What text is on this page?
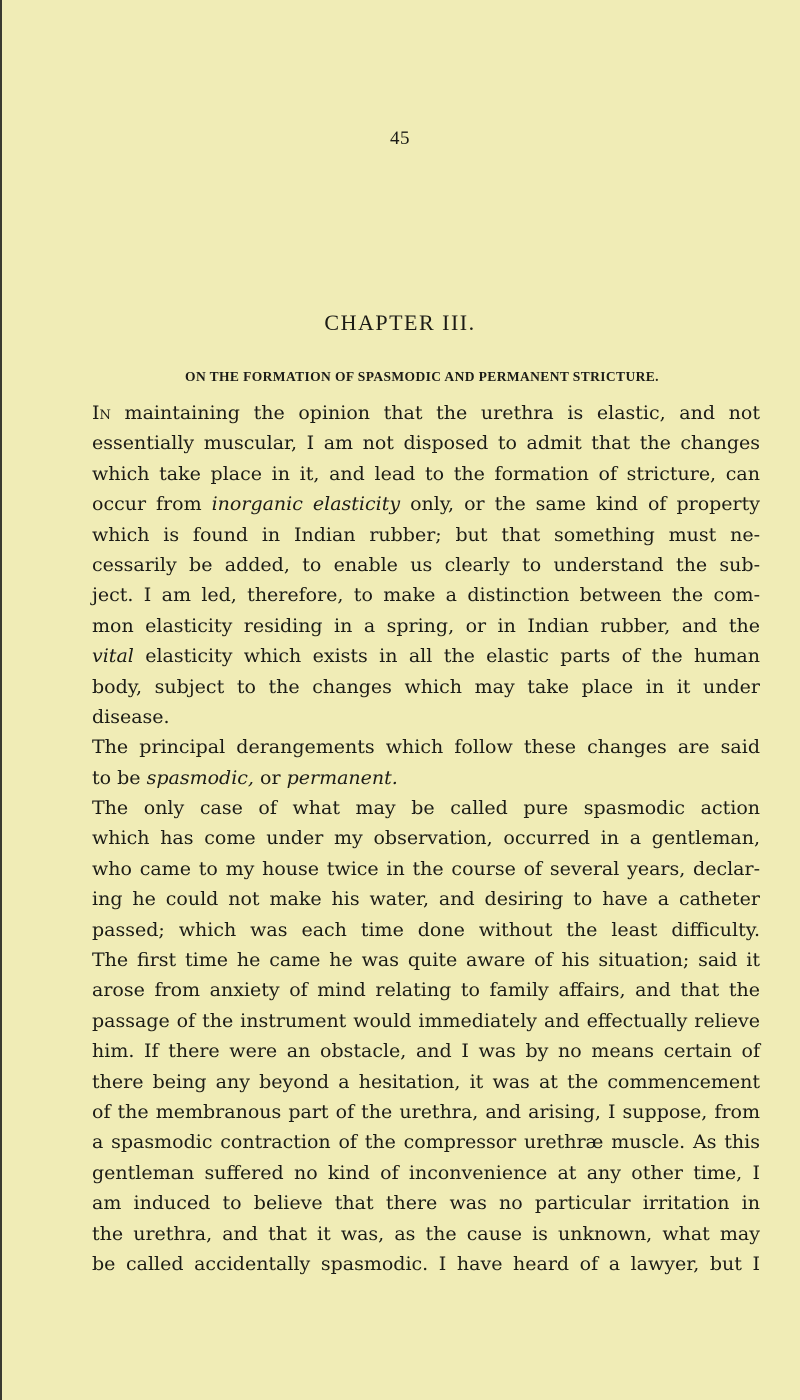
45
CHAPTER III.
ON THE FORMATION OF SPASMODIC AND PERMANENT STRICTURE.
In maintaining the opinion that the urethra is elastic, and not
essentially muscular, I am not disposed to admit that the changes
which take place in it, and lead to the formation of stricture, can
occur from inorganic elasticity only, or the same kind of property
which is found in Indian rubber; but that something must ne-
cessarily be added, to enable us clearly to understand the sub-
ject. I am led, therefore, to make a distinction between the com-
mon elasticity residing in a spring, or in Indian rubber, and the
vital elasticity which exists in all the elastic parts of the human
body, subject to the changes which may take place in it under
disease.
The principal derangements which follow these changes are said
to be spasmodic, or permanent.
The only case of what may be called pure spasmodic action
which has come under my observation, occurred in a gentleman,
who came to my house twice in the course of several years, declar-
ing he could not make his water, and desiring to have a catheter
passed; which was each time done without the least difficulty.
The first time he came he was quite aware of his situation; said it
arose from anxiety of mind relating to family affairs, and that the
passage of the instrument would immediately and effectually relieve
him. If there were an obstacle, and I was by no means certain of
there being any beyond a hesitation, it was at the commencement
of the membranous part of the urethra, and arising, I suppose, from
a spasmodic contraction of the compressor urethræ muscle. As this
gentleman suffered no kind of inconvenience at any other time, I
am induced to believe that there was no particular irritation in
the urethra, and that it was, as the cause is unknown, what may
be called accidentally spasmodic. I have heard of a lawyer, but I
